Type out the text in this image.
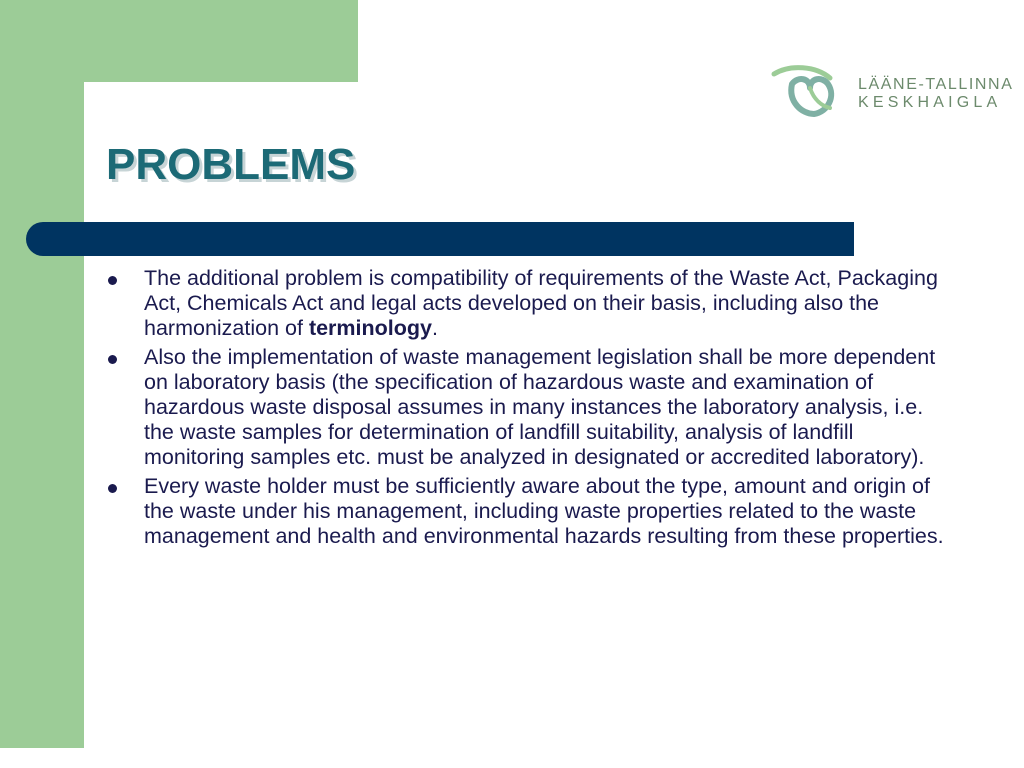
LÄÄNE-TALLINNA
KESKHAIGLA
PROBLEMS
The additional problem is compatibility of requirements of the Waste Act, Packaging Act, Chemicals Act and legal acts developed on their basis, including also the harmonization of terminology.
Also the implementation of waste management legislation shall be more dependent on laboratory basis (the specification of hazardous waste and examination of hazardous waste disposal assumes in many instances the laboratory analysis, i.e. the waste samples for determination of landfill suitability, analysis of landfill monitoring samples etc. must be analyzed in designated or accredited laboratory).
Every waste holder must be sufficiently aware about the type, amount and origin of the waste under his management, including waste properties related to the waste management and health and environmental hazards resulting from these properties.
